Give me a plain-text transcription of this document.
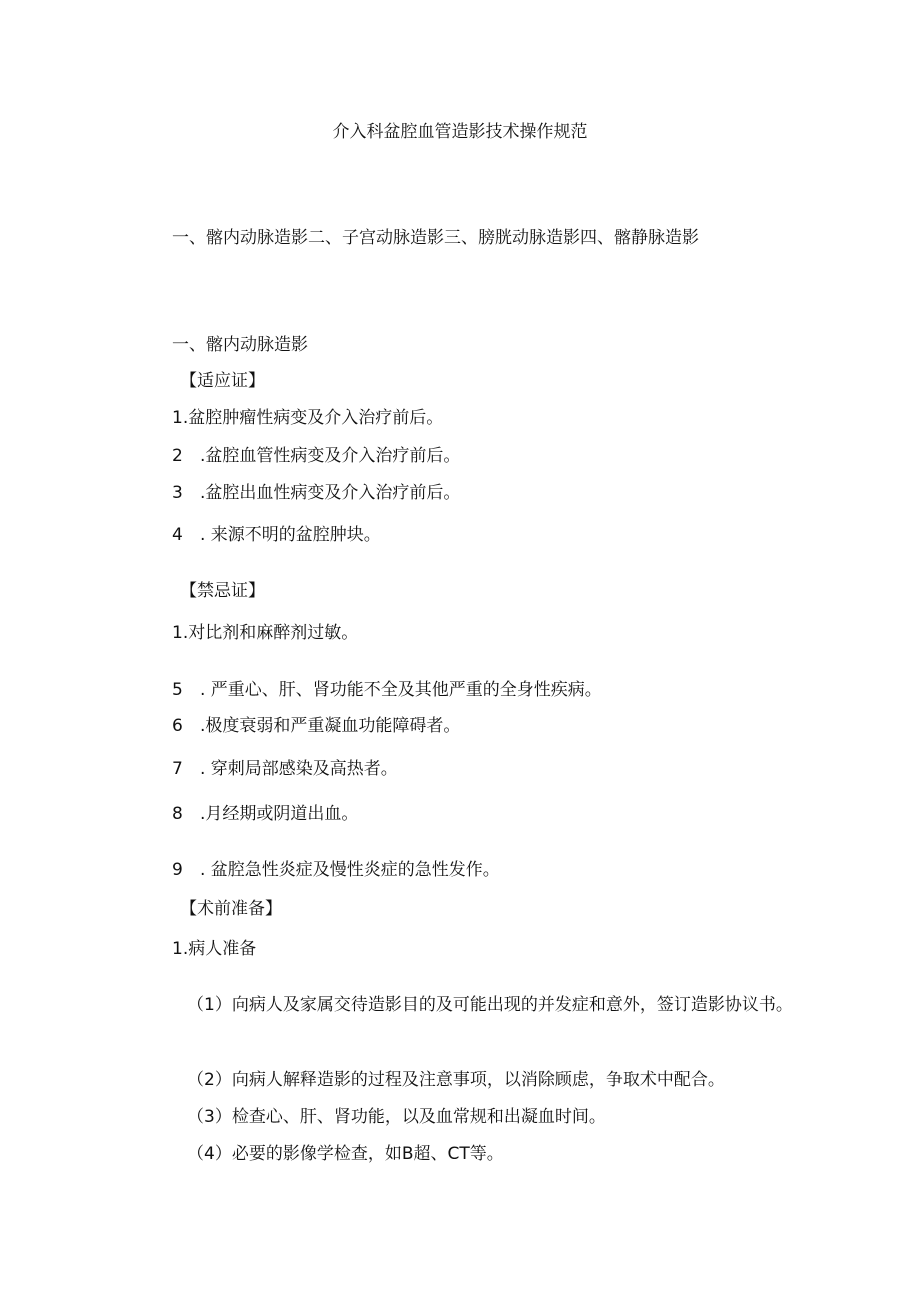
介入科盆腔血管造影技术操作规范
一、髂内动脉造影二、子宫动脉造影三、膀胱动脉造影四、髂静脉造影
一、髂内动脉造影
【适应证】
1.盆腔肿瘤性病变及介入治疗前后。
2 .盆腔血管性病变及介入治疗前后。
3 .盆腔出血性病变及介入治疗前后。
4 . 来源不明的盆腔肿块。
【禁忌证】
1.对比剂和麻醉剂过敏。
5 . 严重心、肝、肾功能不全及其他严重的全身性疾病。
6 .极度衰弱和严重凝血功能障碍者。
7 . 穿刺局部感染及高热者。
8 .月经期或阴道出血。
9 . 盆腔急性炎症及慢性炎症的急性发作。
【术前准备】
1.病人准备
（1）向病人及家属交待造影目的及可能出现的并发症和意外，签订造影协议书。
（2）向病人解释造影的过程及注意事项，以消除顾虑，争取术中配合。
（3）检查心、肝、肾功能，以及血常规和出凝血时间。
（4）必要的影像学检查，如B超、CT等。
